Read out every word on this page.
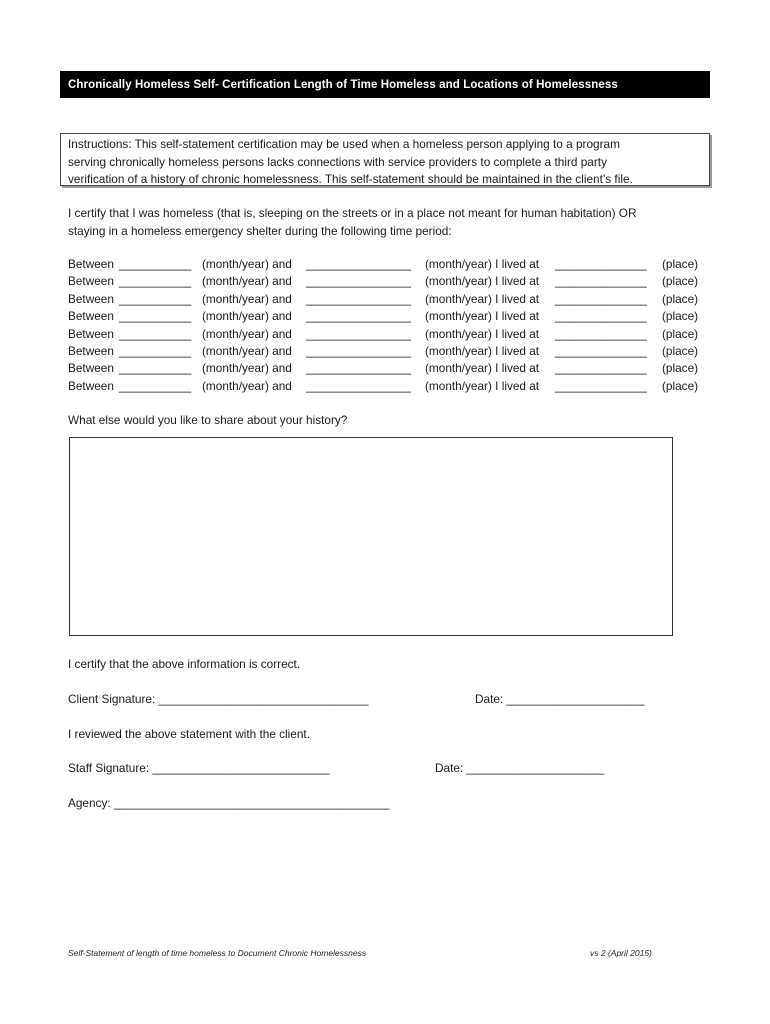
Chronically Homeless Self- Certification Length of Time Homeless and Locations of Homelessness
Instructions: This self-statement certification may be used when a homeless person applying to a program
serving chronically homeless persons lacks connections with service providers to complete a third party
verification of a history of chronic homelessness. This self-statement should be maintained in the client’s file.
I certify that I was homeless (that is, sleeping on the streets or in a place not meant for human habitation) OR
staying in a homeless emergency shelter during the following time period:
Between ___________ (month/year) and ________________ (month/year) I lived at ______________ (place)
Between ___________ (month/year) and ________________ (month/year) I lived at ______________ (place)
Between ___________ (month/year) and ________________ (month/year) I lived at ______________ (place)
Between ___________ (month/year) and ________________ (month/year) I lived at ______________ (place)
Between ___________ (month/year) and ________________ (month/year) I lived at ______________ (place)
Between ___________ (month/year) and ________________ (month/year) I lived at ______________ (place)
Between ___________ (month/year) and ________________ (month/year) I lived at ______________ (place)
Between ___________ (month/year) and ________________ (month/year) I lived at ______________ (place)
What else would you like to share about your history?
I certify that the above information is correct.
Client Signature: ________________________________	Date: _____________________
I reviewed the above statement with the client.
Staff Signature: ___________________________	Date: _____________________
Agency: __________________________________________
Self-Statement of length of time homeless to Document Chronic Homelessness	vs 2 (April 2015)
